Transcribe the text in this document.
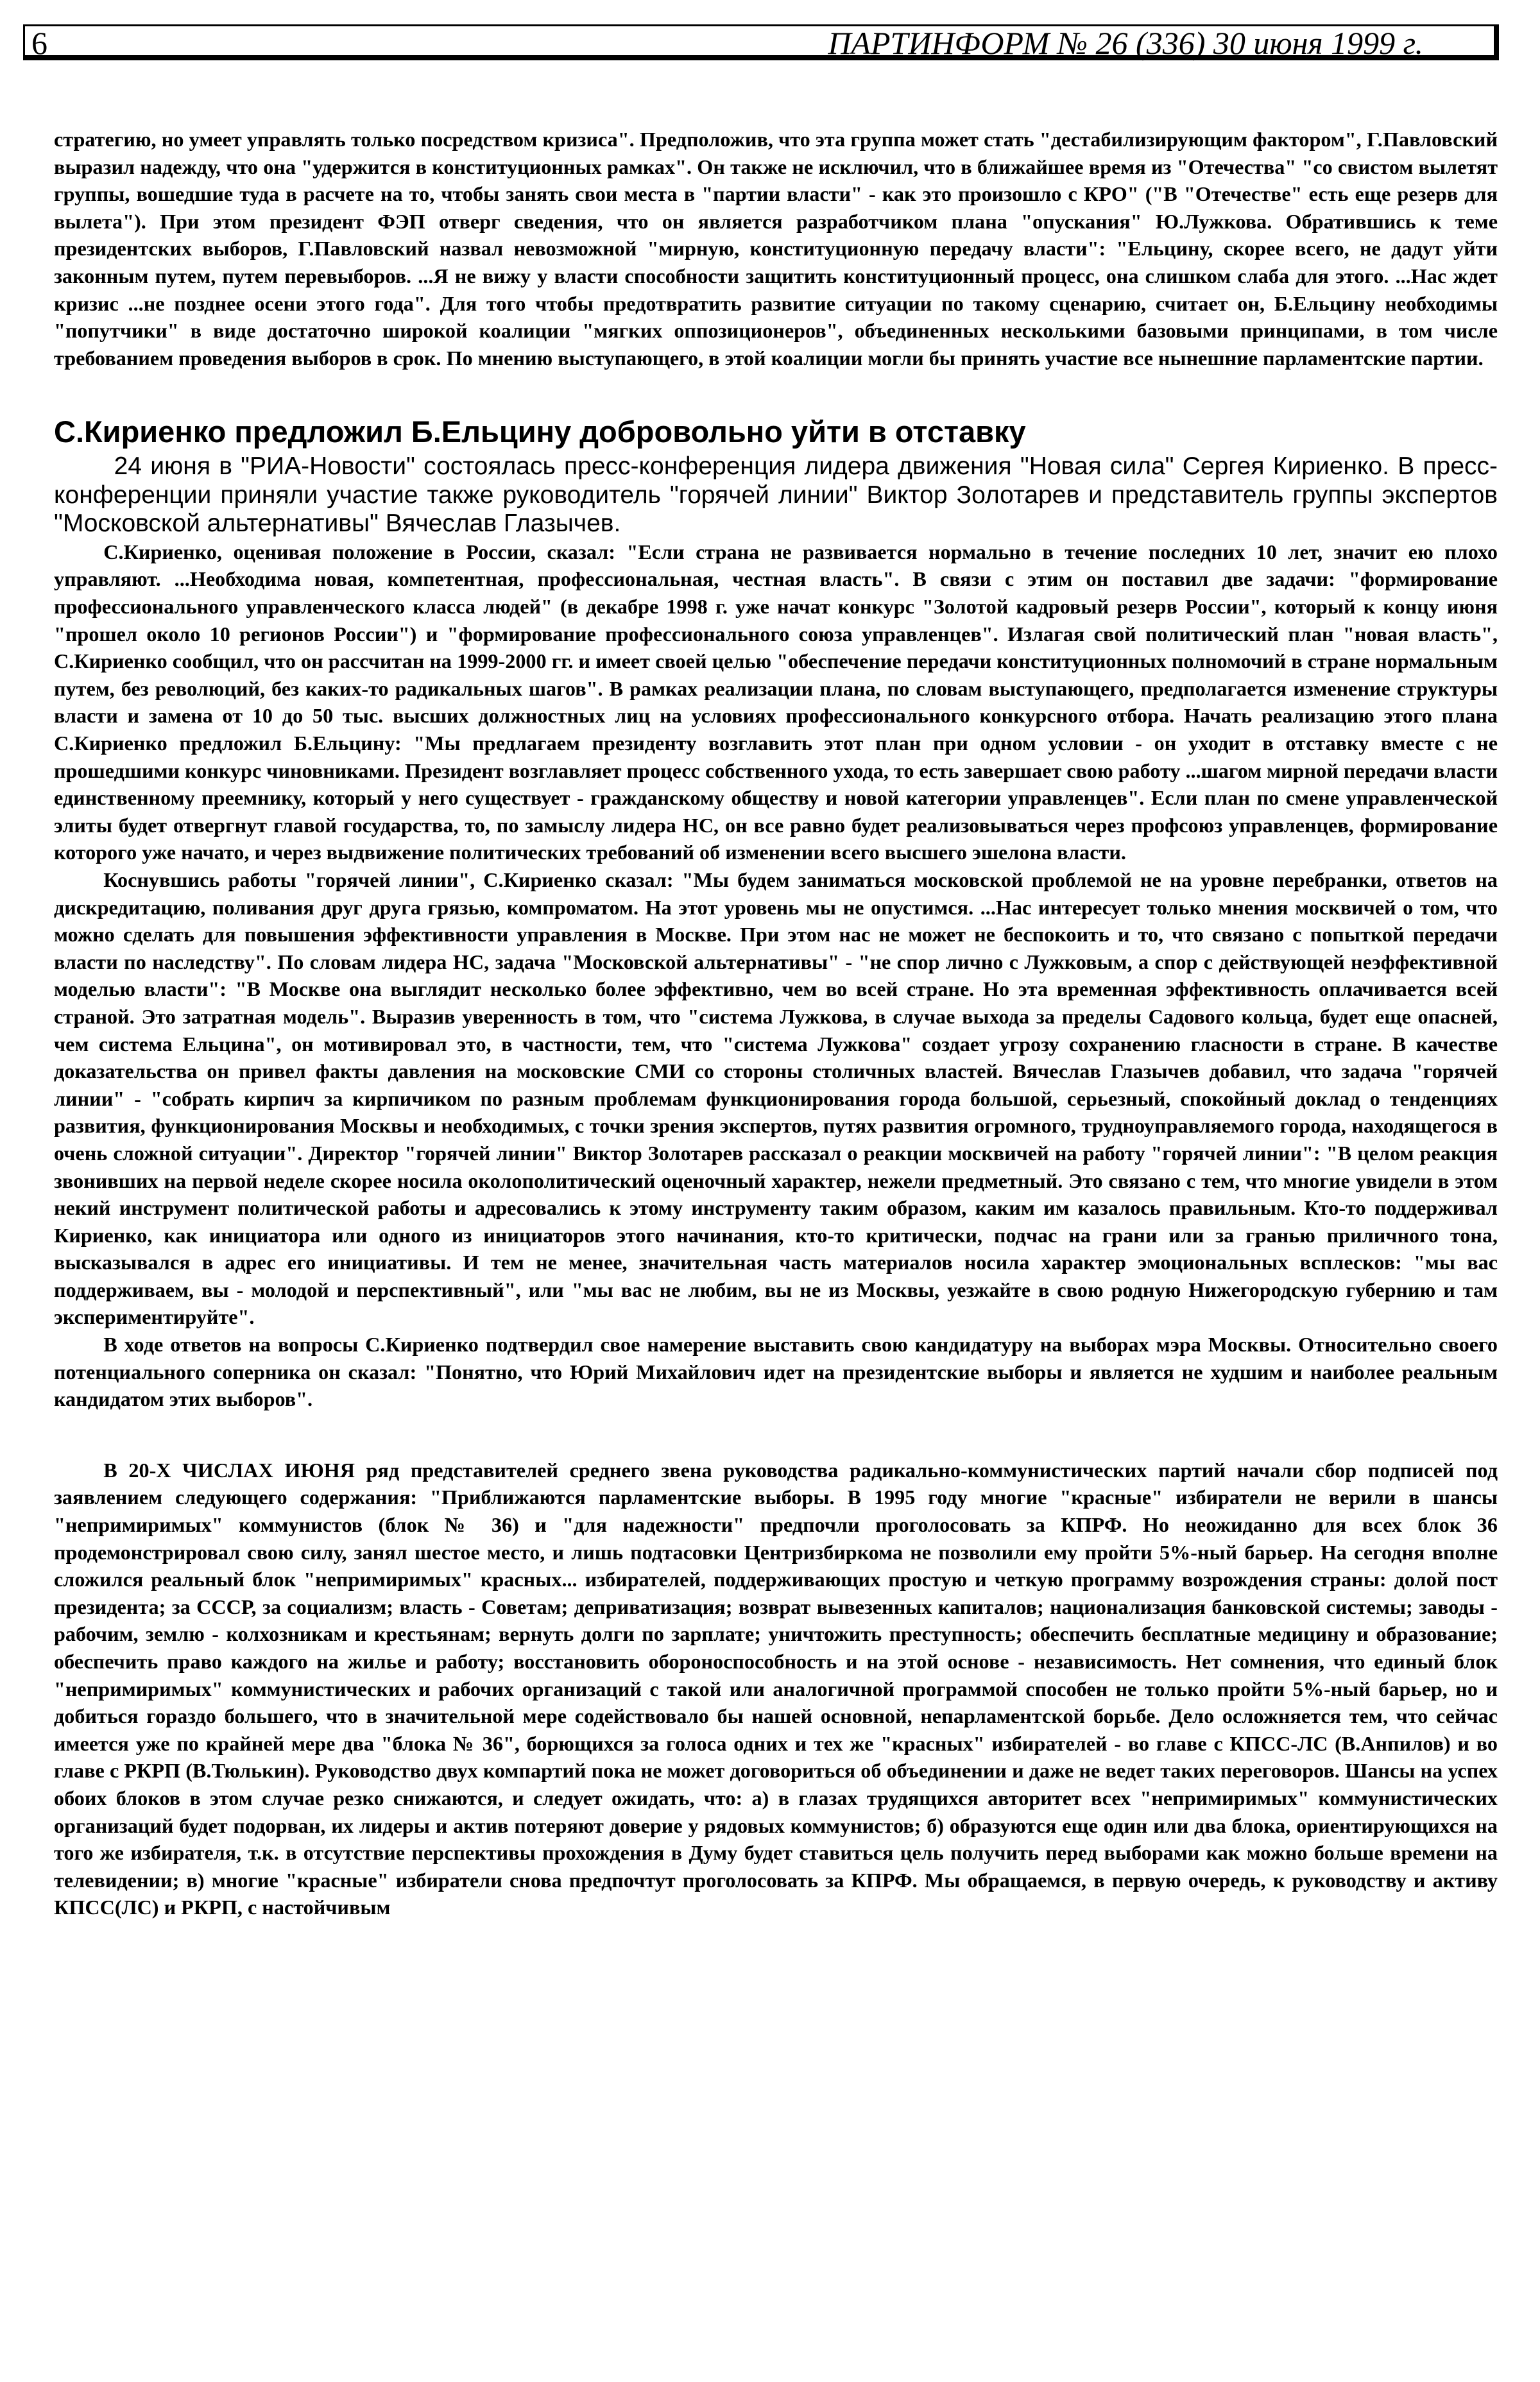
6	ПАРТИНФОРМ № 26 (336) 30 июня 1999 г.

стратегию, но умеет управлять только посредством кризиса". Предположив, что эта группа может стать "дестабилизирующим фактором", Г.Павловский выразил надежду, что она "удержится в конституционных рамках". Он также не исключил, что в ближайшее время из "Отечества" "со свистом вылетят группы, вошедшие туда в расчете на то, чтобы занять свои места в "партии власти" - как это произошло с КРО" ("В "Отечестве" есть еще резерв для вылета"). При этом президент ФЭП отверг сведения, что он является разработчиком плана "опускания" Ю.Лужкова. Обратившись к теме президентских выборов, Г.Павловский назвал невозможной "мирную, конституционную передачу власти": "Ельцину, скорее всего, не дадут уйти законным путем, путем перевыборов. ...Я не вижу у власти способности защитить конституционный процесс, она слишком слаба для этого. ...Нас ждет кризис ...не позднее осени этого года". Для того чтобы предотвратить развитие ситуации по такому сценарию, считает он, Б.Ельцину необходимы "попутчики" в виде достаточно широкой коалиции "мягких оппозиционеров", объединенных несколькими базовыми принципами, в том числе требованием проведения выборов в срок. По мнению выступающего, в этой коалиции могли бы принять участие все нынешние парламентские партии.

С.Кириенко предложил Б.Ельцину добровольно уйти в отставку

24 июня в "РИА-Новости" состоялась пресс-конференция лидера движения "Новая сила" Сергея Кириенко. В пресс-конференции приняли участие также руководитель "горячей линии" Виктор Золотарев и представитель группы экспертов "Московской альтернативы" Вячеслав Глазычев.

С.Кириенко, оценивая положение в России, сказал: "Если страна не развивается нормально в течение последних 10 лет, значит ею плохо управляют. ...Необходима новая, компетентная, профессиональная, честная власть". В связи с этим он поставил две задачи: "формирование профессионального управленческого класса людей" (в декабре 1998 г. уже начат конкурс "Золотой кадровый резерв России", который к концу июня "прошел около 10 регионов России") и "формирование профессионального союза управленцев". Излагая свой политический план "новая власть", С.Кириенко сообщил, что он рассчитан на 1999-2000 гг. и имеет своей целью "обеспечение передачи конституционных полномочий в стране нормальным путем, без революций, без каких-то радикальных шагов". В рамках реализации плана, по словам выступающего, предполагается изменение структуры власти и замена от 10 до 50 тыс. высших должностных лиц на условиях профессионального конкурсного отбора. Начать реализацию этого плана С.Кириенко предложил Б.Ельцину: "Мы предлагаем президенту возглавить этот план при одном условии - он уходит в отставку вместе с не прошедшими конкурс чиновниками. Президент возглавляет процесс собственного ухода, то есть завершает свою работу ...шагом мирной передачи власти единственному преемнику, который у него существует - гражданскому обществу и новой категории управленцев". Если план по смене управленческой элиты будет отвергнут главой государства, то, по замыслу лидера НС, он все равно будет реализовываться через профсоюз управленцев, формирование которого уже начато, и через выдвижение политических требований об изменении всего высшего эшелона власти.

Коснувшись работы "горячей линии", С.Кириенко сказал: "Мы будем заниматься московской проблемой не на уровне перебранки, ответов на дискредитацию, поливания друг друга грязью, компроматом. На этот уровень мы не опустимся. ...Нас интересует только мнения москвичей о том, что можно сделать для повышения эффективности управления в Москве. При этом нас не может не беспокоить и то, что связано с попыткой передачи власти по наследству". По словам лидера НС, задача "Московской альтернативы" - "не спор лично с Лужковым, а спор с действующей неэффективной моделью власти": "В Москве она выглядит несколько более эффективно, чем во всей стране. Но эта временная эффективность оплачивается всей страной. Это затратная модель". Выразив уверенность в том, что "система Лужкова, в случае выхода за пределы Садового кольца, будет еще опасней, чем система Ельцина", он мотивировал это, в частности, тем, что "система Лужкова" создает угрозу сохранению гласности в стране. В качестве доказательства он привел факты давления на московские СМИ со стороны столичных властей. Вячеслав Глазычев добавил, что задача "горячей линии" - "собрать кирпич за кирпичиком по разным проблемам функционирования города большой, серьезный, спокойный доклад о тенденциях развития, функционирования Москвы и необходимых, с точки зрения экспертов, путях развития огромного, трудноуправляемого города, находящегося в очень сложной ситуации". Директор "горячей линии" Виктор Золотарев рассказал о реакции москвичей на работу "горячей линии": "В целом реакция звонивших на первой неделе скорее носила околополитический оценочный характер, нежели предметный. Это связано с тем, что многие увидели в этом некий инструмент политической работы и адресовались к этому инструменту таким образом, каким им казалось правильным. Кто-то поддерживал Кириенко, как инициатора или одного из инициаторов этого начинания, кто-то критически, подчас на грани или за гранью приличного тона, высказывался в адрес его инициативы. И тем не менее, значительная часть материалов носила характер эмоциональных всплесков: "мы вас поддерживаем, вы - молодой и перспективный", или "мы вас не любим, вы не из Москвы, уезжайте в свою родную Нижегородскую губернию и там экспериментируйте".

В ходе ответов на вопросы С.Кириенко подтвердил свое намерение выставить свою кандидатуру на выборах мэра Москвы. Относительно своего потенциального соперника он сказал: "Понятно, что Юрий Михайлович идет на президентские выборы и является не худшим и наиболее реальным кандидатом этих выборов".

В 20-Х ЧИСЛАХ ИЮНЯ ряд представителей среднего звена руководства радикально-коммунистических партий начали сбор подписей под заявлением следующего содержания: "Приближаются парламентские выборы. В 1995 году многие "красные" избиратели не верили в шансы "непримиримых" коммунистов (блок № 36) и "для надежности" предпочли проголосовать за КПРФ. Но неожиданно для всех блок 36 продемонстрировал свою силу, занял шестое место, и лишь подтасовки Центризбиркома не позволили ему пройти 5%-ный барьер. На сегодня вполне сложился реальный блок "непримиримых" красных... избирателей, поддерживающих простую и четкую программу возрождения страны: долой пост президента; за СССР, за социализм; власть - Советам; деприватизация; возврат вывезенных капиталов; национализация банковской системы; заводы - рабочим, землю - колхозникам и крестьянам; вернуть долги по зарплате; уничтожить преступность; обеспечить бесплатные медицину и образование; обеспечить право каждого на жилье и работу; восстановить обороноспособность и на этой основе - независимость. Нет сомнения, что единый блок "непримиримых" коммунистических и рабочих организаций с такой или аналогичной программой способен не только пройти 5%-ный барьер, но и добиться гораздо большего, что в значительной мере содействовало бы нашей основной, непарламентской борьбе. Дело осложняется тем, что сейчас имеется уже по крайней мере два "блока № 36", борющихся за голоса одних и тех же "красных" избирателей - во главе с КПСС-ЛС (В.Анпилов) и во главе с РКРП (В.Тюлькин). Руководство двух компартий пока не может договориться об объединении и даже не ведет таких переговоров. Шансы на успех обоих блоков в этом случае резко снижаются, и следует ожидать, что: а) в глазах трудящихся авторитет всех "непримиримых" коммунистических организаций будет подорван, их лидеры и актив потеряют доверие у рядовых коммунистов; б) образуются еще один или два блока, ориентирующихся на того же избирателя, т.к. в отсутствие перспективы прохождения в Думу будет ставиться цель получить перед выборами как можно больше времени на телевидении; в) многие "красные" избиратели снова предпочтут проголосовать за КПРФ. Мы обращаемся, в первую очередь, к руководству и активу КПСС(ЛС) и РКРП, с настойчивым
